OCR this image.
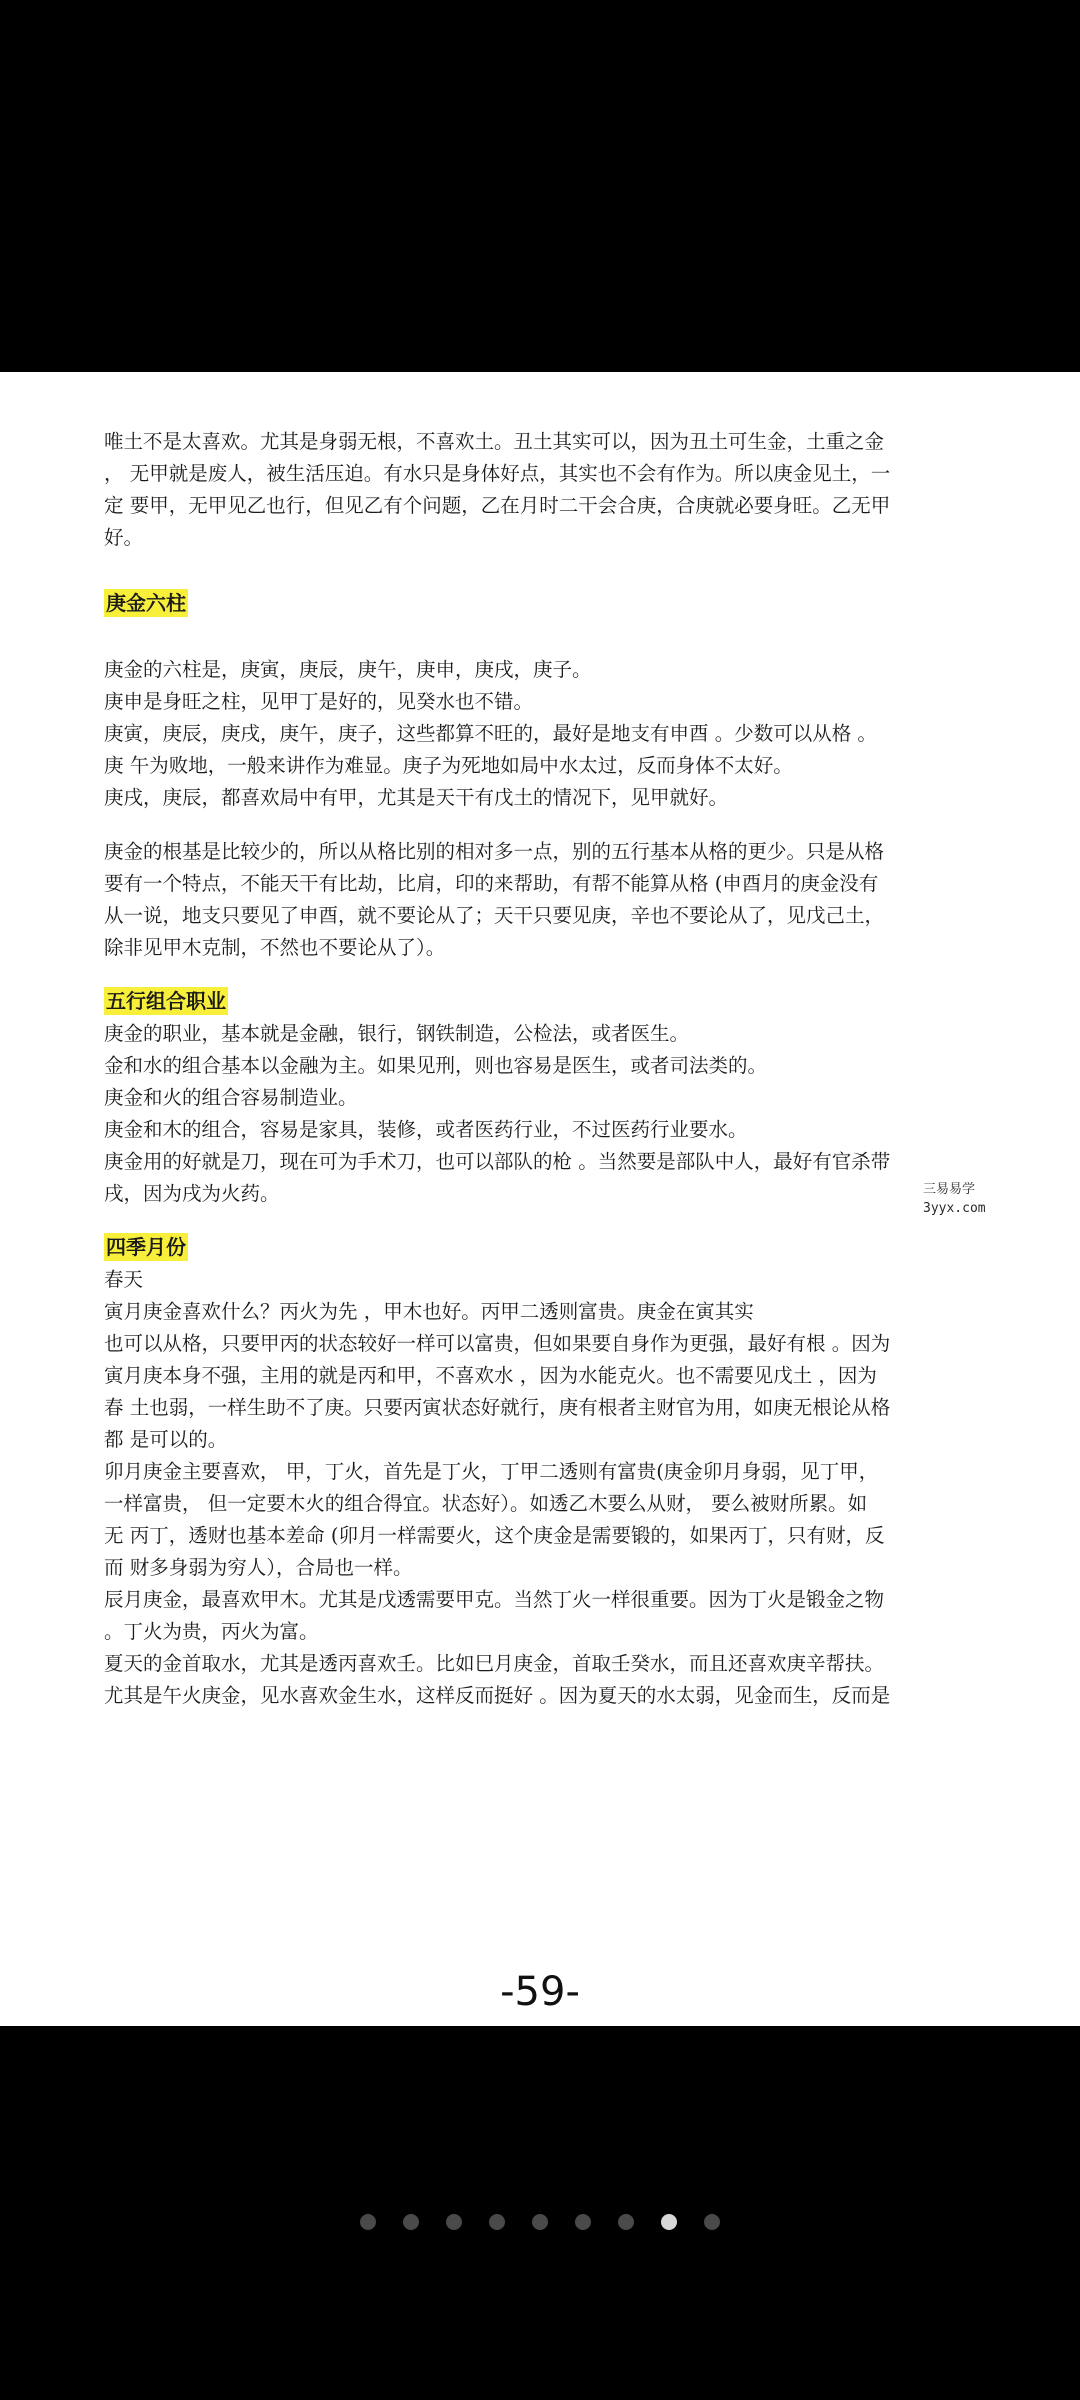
唯土不是太喜欢。尤其是身弱无根，不喜欢土。丑土其实可以，因为丑土可生金，土重之金
， 无甲就是废人，被生活压迫。有水只是身体好点，其实也不会有作为。所以庚金见土，一
定 要甲，无甲见乙也行，但见乙有个问题，乙在月时二干会合庚，合庚就必要身旺。乙无甲
好。
庚金六柱
庚金的六柱是，庚寅，庚辰，庚午，庚申，庚戌，庚子。
庚申是身旺之柱，见甲丁是好的，见癸水也不错。
庚寅，庚辰，庚戌，庚午，庚子，这些都算不旺的，最好是地支有申酉 。少数可以从格 。
庚 午为败地，一般来讲作为难显。庚子为死地如局中水太过，反而身体不太好。
庚戌，庚辰，都喜欢局中有甲，尤其是天干有戊土的情况下，见甲就好。
庚金的根基是比较少的，所以从格比别的相对多一点，别的五行基本从格的更少。只是从格
要有一个特点，不能天干有比劫，比肩，印的来帮助，有帮不能算从格 (申酉月的庚金没有
从一说，地支只要见了申酉，就不要论从了；天干只要见庚，辛也不要论从了，见戊己土，
除非见甲木克制，不然也不要论从了）。
五行组合职业
庚金的职业，基本就是金融，银行，钢铁制造，公检法，或者医生。
金和水的组合基本以金融为主。如果见刑，则也容易是医生，或者司法类的。
庚金和火的组合容易制造业。
庚金和木的组合，容易是家具，装修，或者医药行业，不过医药行业要水。
庚金用的好就是刀，现在可为手术刀，也可以部队的枪 。当然要是部队中人，最好有官杀带
戌，因为戌为火药。
四季月份
春天
寅月庚金喜欢什么？丙火为先 ，甲木也好。丙甲二透则富贵。庚金在寅其实
也可以从格，只要甲丙的状态较好一样可以富贵，但如果要自身作为更强，最好有根 。因为
寅月庚本身不强，主用的就是丙和甲，不喜欢水 ，因为水能克火。也不需要见戊土 ，因为
春 土也弱，一样生助不了庚。只要丙寅状态好就行，庚有根者主财官为用，如庚无根论从格
都 是可以的。
卯月庚金主要喜欢， 甲，丁火，首先是丁火，丁甲二透则有富贵(庚金卯月身弱，见丁甲，
一样富贵， 但一定要木火的组合得宜。状态好）。如透乙木要么从财， 要么被财所累。如
无 丙丁，透财也基本差命 (卯月一样需要火，这个庚金是需要锻的，如果丙丁，只有财，反
而 财多身弱为穷人），合局也一样。
辰月庚金，最喜欢甲木。尤其是戊透需要甲克。当然丁火一样很重要。因为丁火是锻金之物
。丁火为贵，丙火为富。
夏天的金首取水，尤其是透丙喜欢壬。比如巳月庚金，首取壬癸水，而且还喜欢庚辛帮扶。
尤其是午火庚金，见水喜欢金生水，这样反而挺好 。因为夏天的水太弱，见金而生，反而是
三易易学
3yyx.com
-59-
